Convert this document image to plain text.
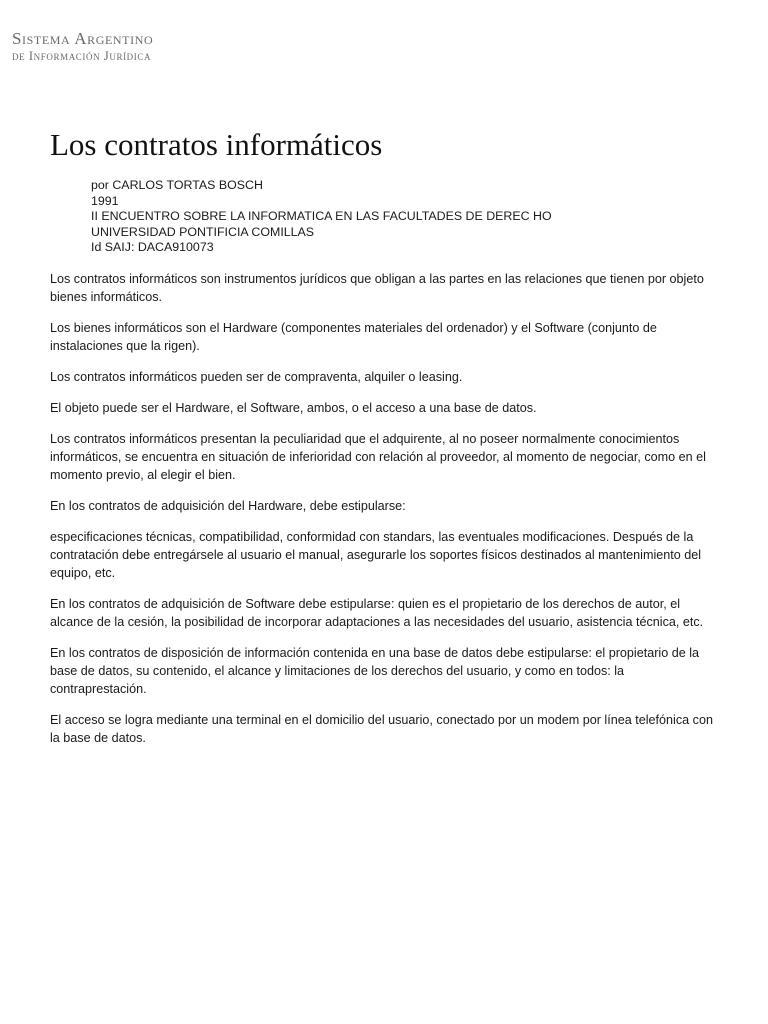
Sistema Argentino
de Información Jurídica
Los contratos informáticos
por CARLOS TORTAS BOSCH
1991
II ENCUENTRO SOBRE LA INFORMATICA EN LAS FACULTADES DE DEREC HO
UNIVERSIDAD PONTIFICIA COMILLAS
Id SAIJ: DACA910073

Los contratos informáticos son instrumentos jurídicos que obligan a las partes en las relaciones que tienen por objeto bienes informáticos.

Los bienes informáticos son el Hardware (componentes materiales del ordenador) y el Software (conjunto de instalaciones que la rigen).

Los contratos informáticos pueden ser de compraventa, alquiler o leasing.

El objeto puede ser el Hardware, el Software, ambos, o el acceso a una base de datos.

Los contratos informáticos presentan la peculiaridad que el adquirente, al no poseer normalmente conocimientos informáticos, se encuentra en situación de inferioridad con relación al proveedor, al momento de negociar, como en el momento previo, al elegir el bien.

En los contratos de adquisición del Hardware, debe estipularse:

especificaciones técnicas, compatibilidad, conformidad con standars, las eventuales modificaciones. Después de la contratación debe entregársele al usuario el manual, asegurarle los soportes físicos destinados al mantenimiento del equipo, etc.

En los contratos de adquisición de Software debe estipularse: quien es el propietario de los derechos de autor, el alcance de la cesión, la posibilidad de incorporar adaptaciones a las necesidades del usuario, asistencia técnica, etc.

En los contratos de disposición de información contenida en una base de datos debe estipularse: el propietario de la base de datos, su contenido, el alcance y limitaciones de los derechos del usuario, y como en todos: la contraprestación.

El acceso se logra mediante una terminal en el domicilio del usuario, conectado por un modem por línea telefónica con la base de datos.
